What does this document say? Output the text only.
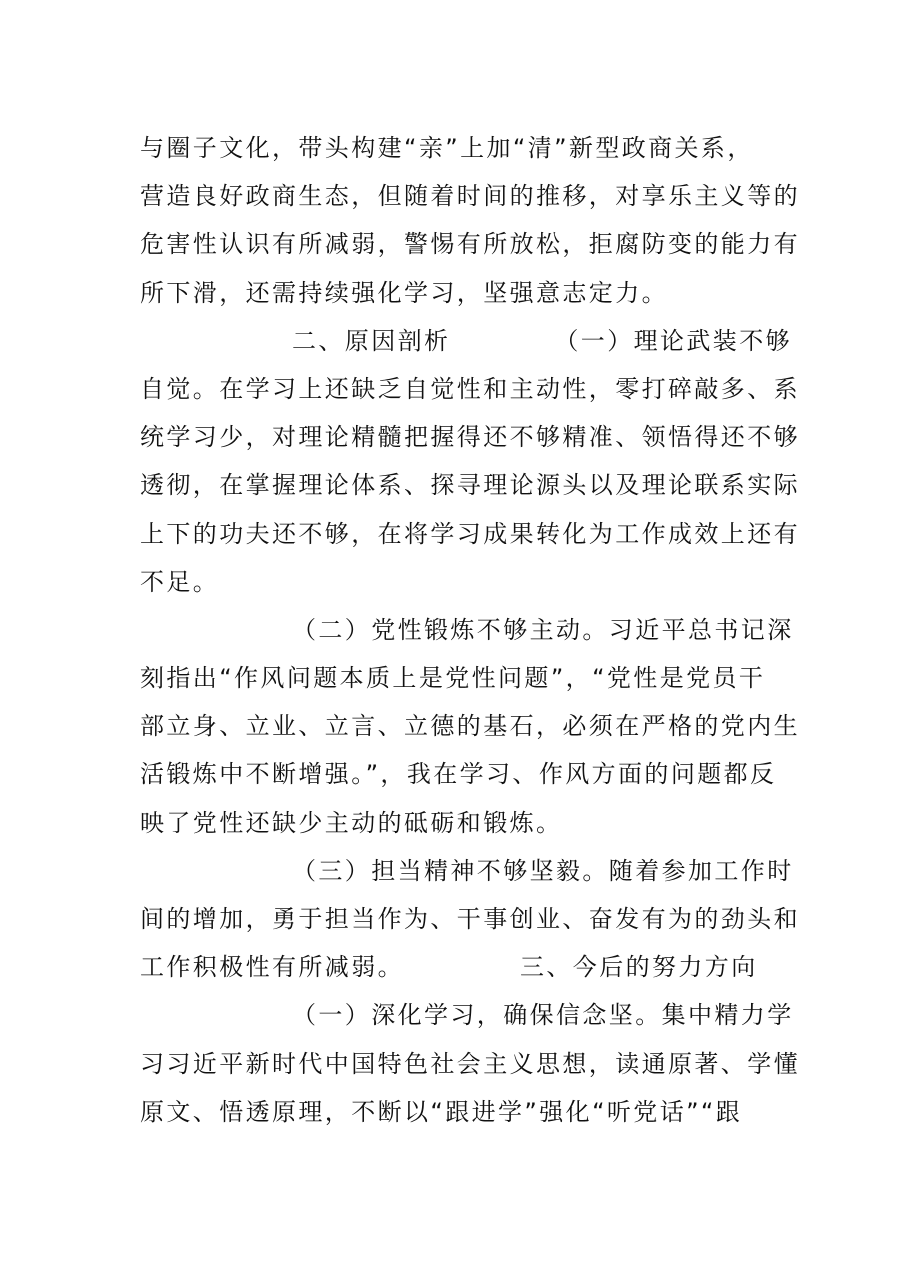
与圈子文化，带头构建“亲”上加“清”新型政商关系，
营造良好政商生态，但随着时间的推移，对享乐主义等的
危害性认识有所减弱，警惕有所放松，拒腐防变的能力有
所下滑，还需持续强化学习，坚强意志定力。
二、原因剖析	（一）理论武装不够
自觉。在学习上还缺乏自觉性和主动性，零打碎敲多、系
统学习少，对理论精髓把握得还不够精准、领悟得还不够
透彻，在掌握理论体系、探寻理论源头以及理论联系实际
上下的功夫还不够，在将学习成果转化为工作成效上还有
不足。
（二）党性锻炼不够主动。习近平总书记深
刻指出“作风问题本质上是党性问题”，“党性是党员干
部立身、立业、立言、立德的基石，必须在严格的党内生
活锻炼中不断增强。”，我在学习、作风方面的问题都反
映了党性还缺少主动的砥砺和锻炼。
（三）担当精神不够坚毅。随着参加工作时
间的增加，勇于担当作为、干事创业、奋发有为的劲头和
工作积极性有所减弱。	三、今后的努力方向
（一）深化学习，确保信念坚。集中精力学
习习近平新时代中国特色社会主义思想，读通原著、学懂
原文、悟透原理，不断以“跟进学”强化“听党话”“跟
